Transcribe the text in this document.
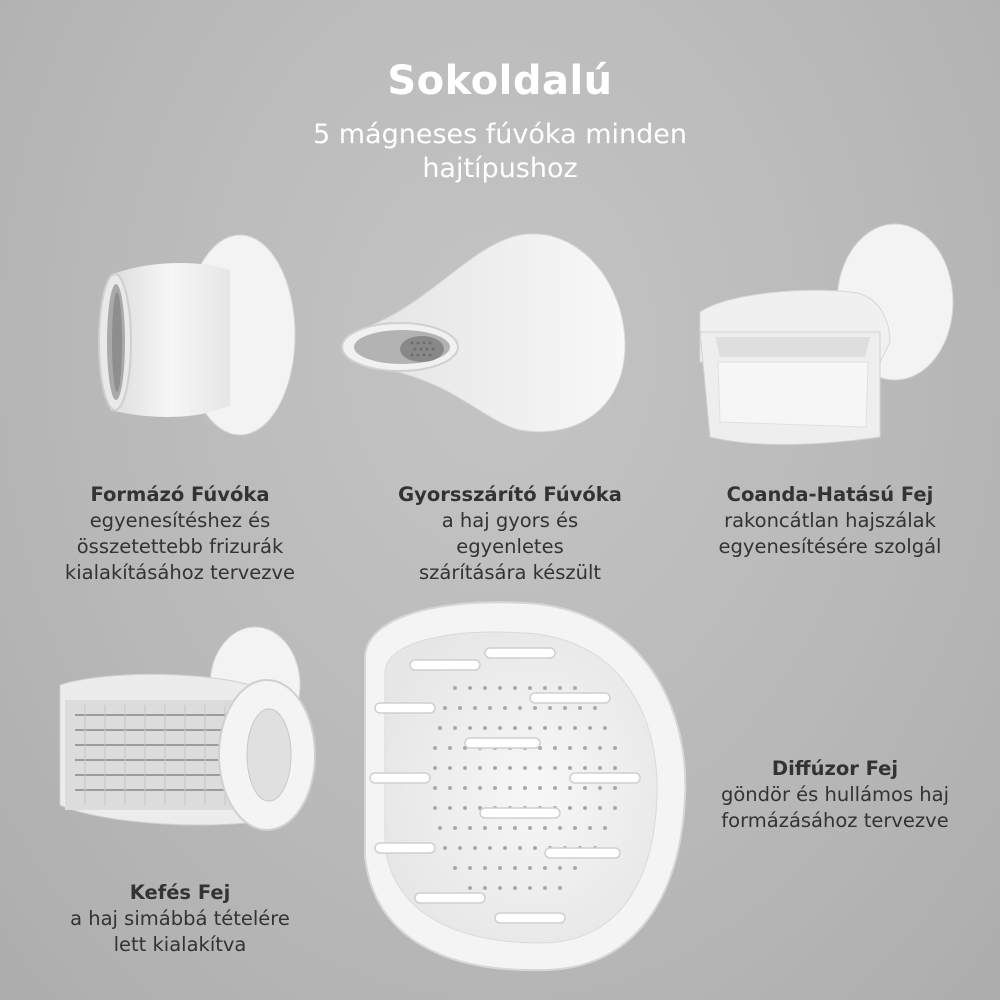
Sokoldalú
5 mágneses fúvóka minden hajtípushoz
Formázó Fúvóka
egyenesítéshez és
összetettebb frizurák
kialakításához tervezve
Gyorsszárító Fúvóka
a haj gyors és
egyenletes
szárítására készült
Coanda-Hatású Fej
rakoncátlan hajszálak
egyenesítésére szolgál
Kefés Fej
a haj simábbá tételére
lett kialakítva
Diffúzor Fej
göndör és hullámos haj
formázásához tervezve
